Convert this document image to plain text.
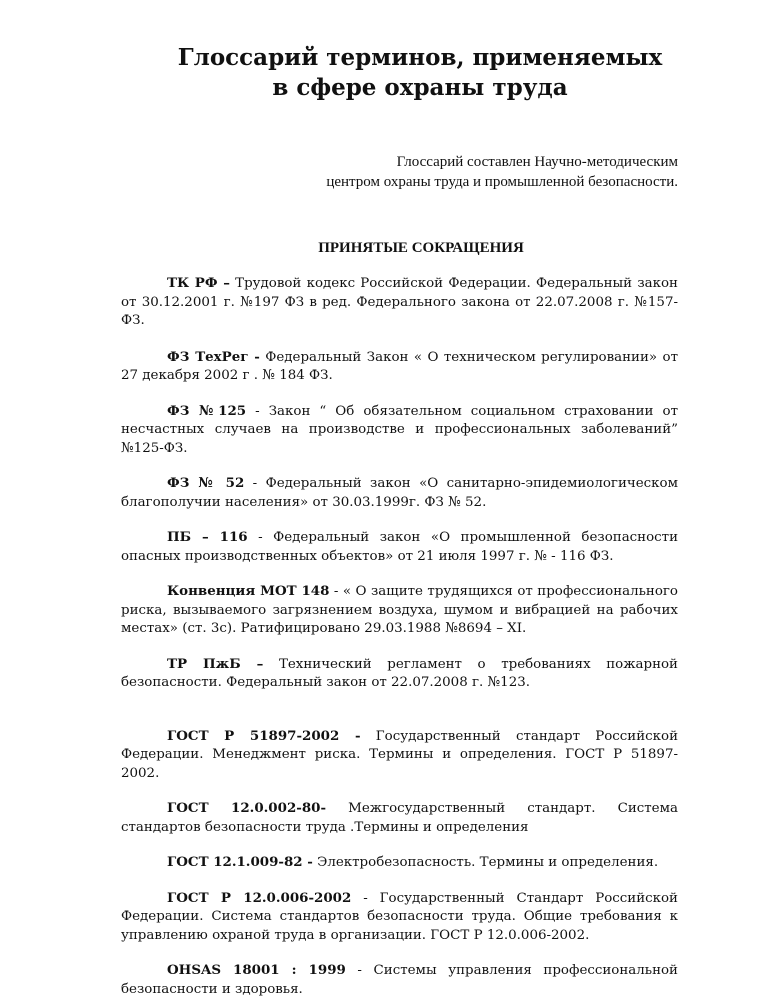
Глоссарий терминов, применяемых
в сфере охраны труда
Глоссарий составлен Научно-методическим
центром охраны труда и промышленной безопасности.
ПРИНЯТЫЕ СОКРАЩЕНИЯ

ТК РФ – Трудовой кодекс Российской Федерации. Федеральный закон от 30.12.2001 г. №197 ФЗ в ред. Федерального закона от 22.07.2008 г. №157-ФЗ.

ФЗ ТехРег - Федеральный Закон « О техническом регулировании» от 27 декабря 2002 г . № 184 ФЗ.

ФЗ №125 - Закон “ Об обязательном социальном страховании от несчастных случаев на производстве и профессиональных заболеваний” №125-ФЗ.

ФЗ № 52 - Федеральный закон «О санитарно-эпидемиологическом благополучии населения» от 30.03.1999г. ФЗ № 52.

ПБ – 116 - Федеральный закон «О промышленной безопасности опасных производственных объектов» от 21 июля 1997 г. № - 116 ФЗ.

Конвенция МОТ 148 - « О защите трудящихся от профессионального риска, вызываемого загрязнением воздуха, шумом и вибрацией на рабочих местах» (ст. 3с). Ратифицировано 29.03.1988 №8694 – XI.

ТР ПжБ – Технический регламент о требованиях пожарной безопасности. Федеральный закон от 22.07.2008 г. №123.

ГОСТ Р 51897-2002 - Государственный стандарт Российской Федерации. Менеджмент риска. Термины и определения. ГОСТ Р 51897-2002.

ГОСТ 12.0.002-80- Межгосударственный стандарт. Система стандартов безопасности труда .Термины и определения

ГОСТ 12.1.009-82 - Электробезопасность. Термины и определения.

ГОСТ Р 12.0.006-2002 - Государственный Стандарт Российской Федерации. Система стандартов безопасности труда. Общие требования к управлению охраной труда в организации. ГОСТ Р 12.0.006-2002.

OHSAS 18001 : 1999 - Системы управления профессиональной безопасности и здоровья.
